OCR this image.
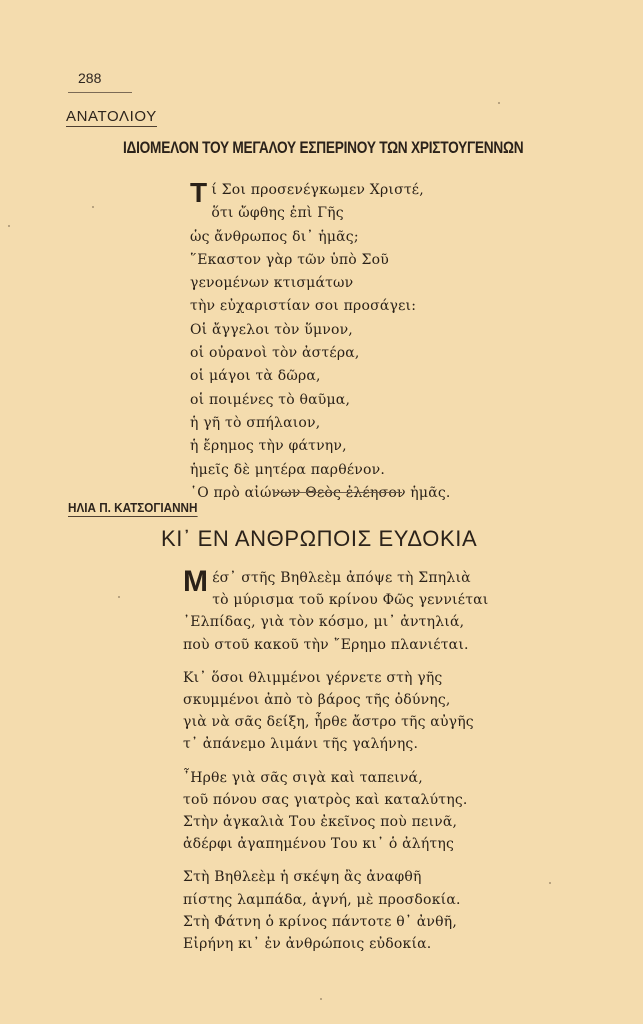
288
ΑΝΑΤΟΛΙΟΥ
ΙΔΙΟΜΕΛΟΝ ΤΟΥ ΜΕΓΑΛΟΥ ΕΣΠΕΡΙΝΟΥ ΤΩΝ ΧΡΙΣΤΟΥΓΕΝΝΩΝ
Τ ί Σοι προσενέγκωμεν Χριστέ,
ὅτι ὤφθης ἐπὶ Γῆς
ὡς ἄνθρωπος δι᾽ ἡμᾶς;
῞Εκαστον γὰρ τῶν ὑπὸ Σοῦ
γενομένων κτισμάτων
τὴν εὐχαριστίαν σοι προσάγει:
Οἱ ἄγγελοι τὸν ὕμνον,
οἱ οὐρανοὶ τὸν ἀστέρα,
οἱ μάγοι τὰ δῶρα,
οἱ ποιμένες τὸ θαῦμα,
ἡ γῆ τὸ σπήλαιον,
ἡ ἔρημος τὴν φάτνην,
ἡμεῖς δὲ μητέρα παρθένον.
῾Ο πρὸ αἰώνων Θεὸς ἐλέησον ἡμᾶς.
ΗΛΙΑ Π. ΚΑΤΣΟΓΙΑΝΝΗ
ΚΙ᾽ ΕΝ ΑΝΘΡΩΠΟΙΣ ΕΥΔΟΚΙΑ
Μ έσ᾽ στῆς Βηθλεὲμ ἀπόψε τὴ Σπηλιὰ
τὸ μύρισμα τοῦ κρίνου Φῶς γεννιέται
᾽Ελπίδας, γιὰ τὸν κόσμο, μι᾽ ἀντηλιά,
ποὺ στοῦ κακοῦ τὴν ῎Ερημο πλανιέται.
Κι᾽ ὅσοι θλιμμένοι γέρνετε στὴ γῆς
σκυμμένοι ἀπὸ τὸ βάρος τῆς ὀδύνης,
γιὰ νὰ σᾶς δείξη, ἦρθε ἄστρο τῆς αὐγῆς
τ᾽ ἀπάνεμο λιμάνι τῆς γαλήνης.
῏Ηρθε γιὰ σᾶς σιγὰ καὶ ταπεινά,
τοῦ πόνου σας γιατρὸς καὶ καταλύτης.
Στὴν ἀγκαλιὰ Του ἐκεῖνος ποὺ πεινᾶ,
ἀδέρφι ἀγαπημένου Του κι᾽ ὁ ἀλήτης
Στὴ Βηθλεὲμ ἡ σκέψη ἂς ἀναφθῆ
πίστης λαμπάδα, ἁγνή, μὲ προσδοκία.
Στὴ Φάτνη ὁ κρίνος πάντοτε θ᾽ ἀνθῆ,
Εἰρήνη κι᾽ ἐν ἀνθρώποις εὐδοκία.
